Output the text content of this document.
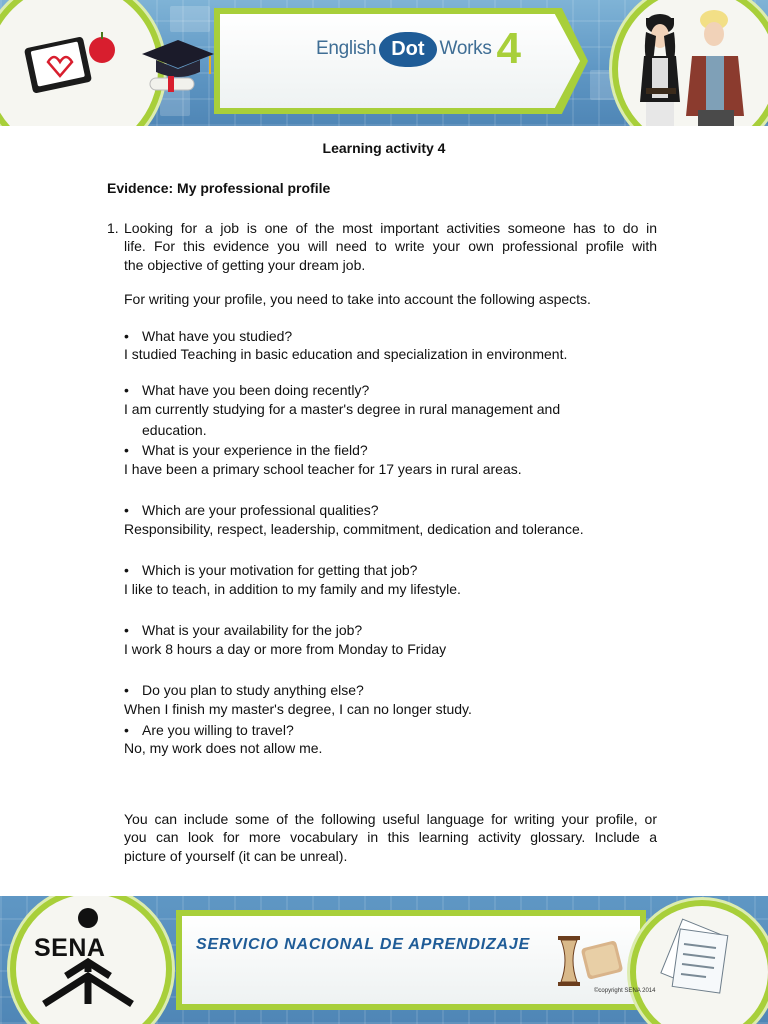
English Dot Works 4
Learning activity 4
Evidence: My professional profile
1. Looking for a job is one of the most important activities someone has to do in
life. For this evidence you will need to write your own professional profile with
the objective of getting your dream job.
For writing your profile, you need to take into account the following aspects.
• What have you studied?
I studied Teaching in basic education and specialization in environment.
• What have you been doing recently?
I am currently studying for a master's degree in rural management and
education.
• What is your experience in the field?
I have been a primary school teacher for 17 years in rural areas.
• Which are your professional qualities?
Responsibility, respect, leadership, commitment, dedication and tolerance.
• Which is your motivation for getting that job?
I like to teach, in addition to my family and my lifestyle.
• What is your availability for the job?
I work 8 hours a day or more from Monday to Friday
• Do you plan to study anything else?
When I finish my master's degree, I can no longer study.
• Are you willing to travel?
No, my work does not allow me.
You can include some of the following useful language for writing your profile, or
you can look for more vocabulary in this learning activity glossary. Include a
picture of yourself (it can be unreal).
SENA	SERVICIO NACIONAL DE APRENDIZAJE
©copyright SENA 2014
